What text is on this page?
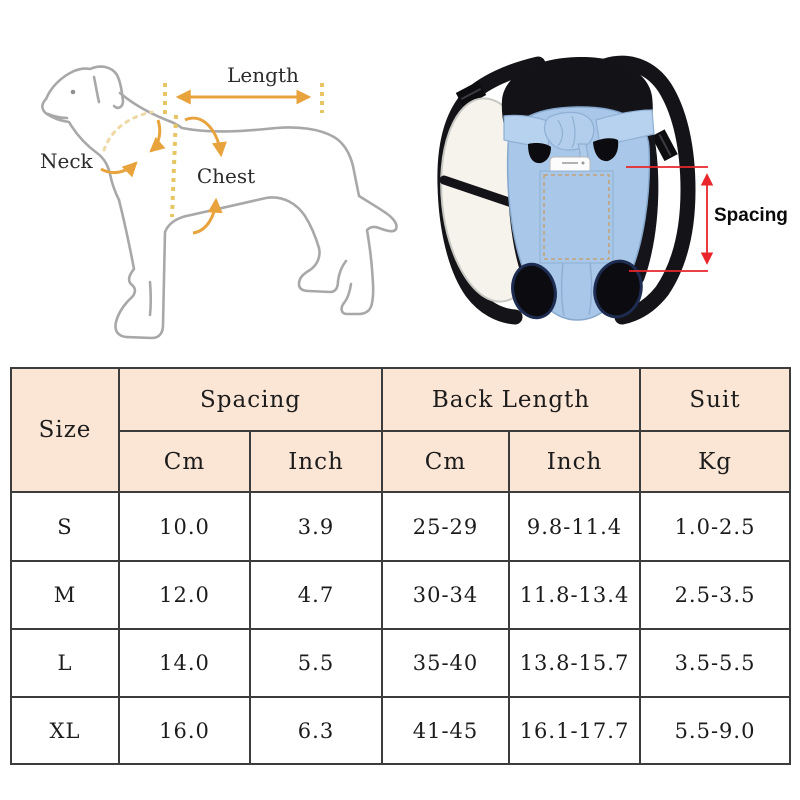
Length
Neck
Chest
Spacing
Size	Spacing		Back Length		Suit
	Cm	Inch	Cm	Inch	Kg
S	10.0	3.9	25-29	9.8-11.4	1.0-2.5
M	12.0	4.7	30-34	11.8-13.4	2.5-3.5
L	14.0	5.5	35-40	13.8-15.7	3.5-5.5
XL	16.0	6.3	41-45	16.1-17.7	5.5-9.0
